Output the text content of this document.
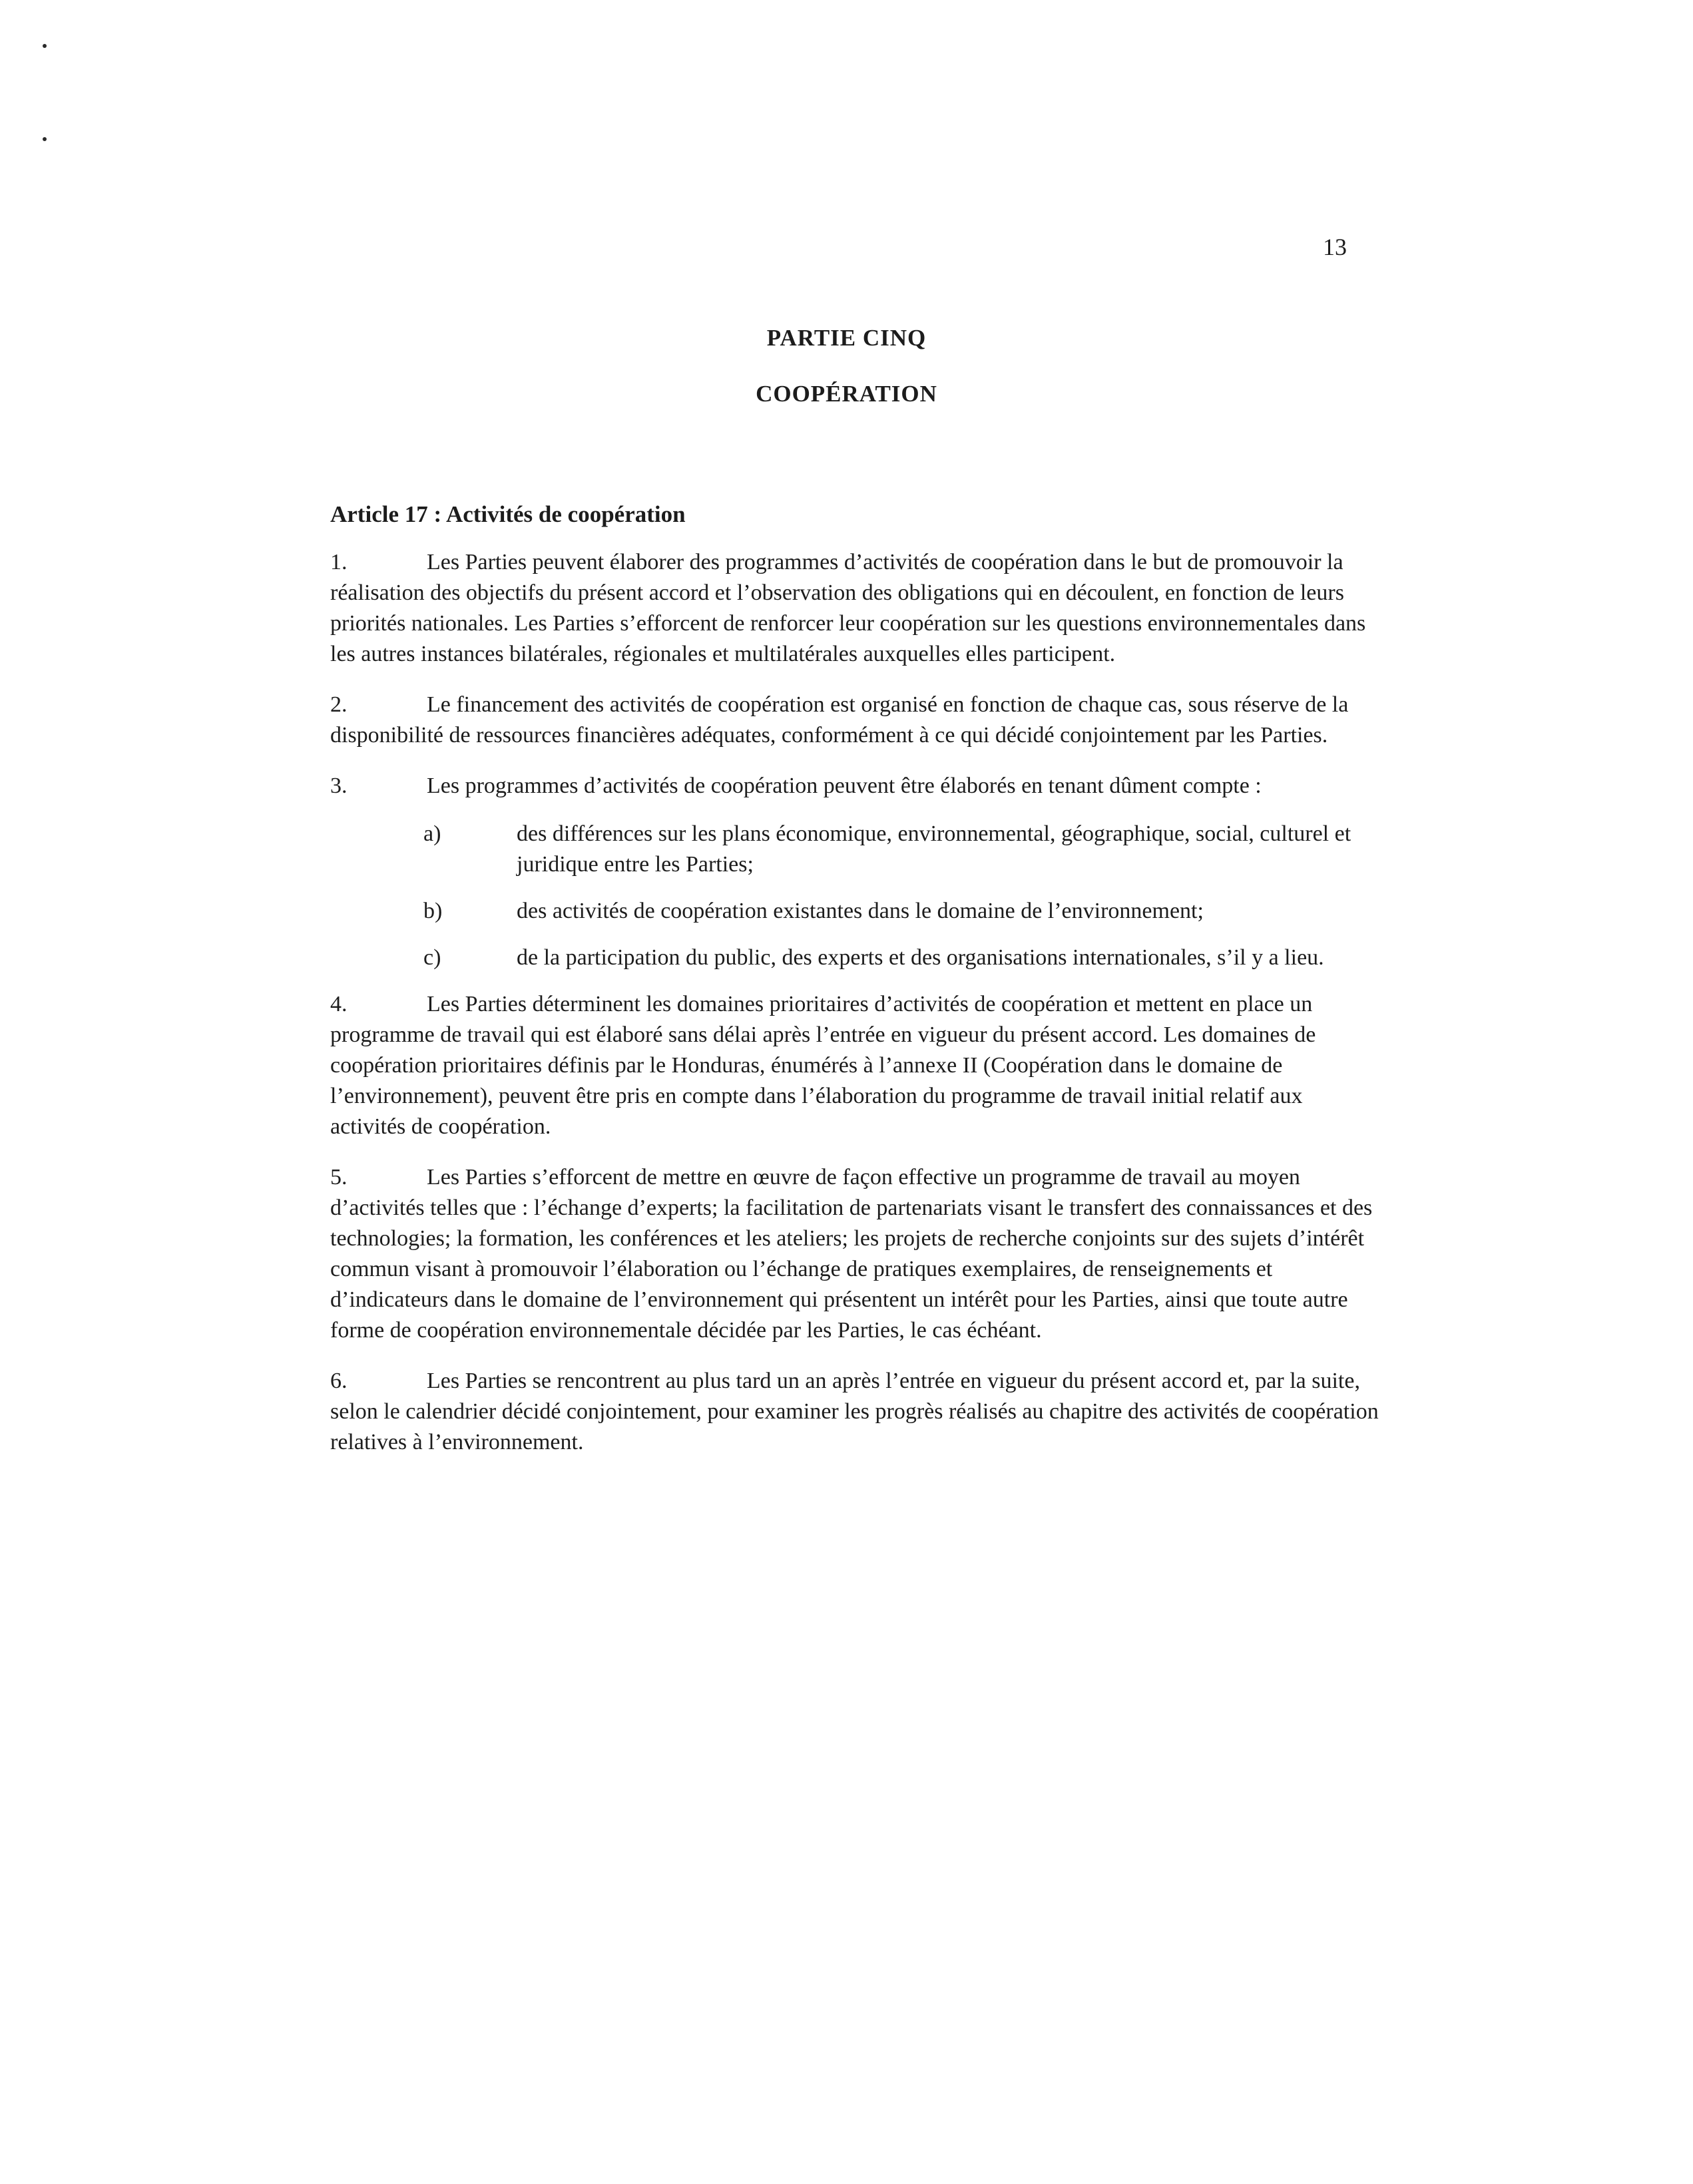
13
PARTIE CINQ
COOPÉRATION
Article 17 : Activités de coopération

1.	Les Parties peuvent élaborer des programmes d’activités de coopération dans le but de promouvoir la réalisation des objectifs du présent accord et l’observation des obligations qui en découlent, en fonction de leurs priorités nationales. Les Parties s’efforcent de renforcer leur coopération sur les questions environnementales dans les autres instances bilatérales, régionales et multilatérales auxquelles elles participent.

2.	Le financement des activités de coopération est organisé en fonction de chaque cas, sous réserve de la disponibilité de ressources financières adéquates, conformément à ce qui décidé conjointement par les Parties.

3.	Les programmes d’activités de coopération peuvent être élaborés en tenant dûment compte :

a)	des différences sur les plans économique, environnemental, géographique, social, culturel et juridique entre les Parties;
b)	des activités de coopération existantes dans le domaine de l’environnement;
c)	de la participation du public, des experts et des organisations internationales, s’il y a lieu.

4.	Les Parties déterminent les domaines prioritaires d’activités de coopération et mettent en place un programme de travail qui est élaboré sans délai après l’entrée en vigueur du présent accord. Les domaines de coopération prioritaires définis par le Honduras, énumérés à l’annexe II (Coopération dans le domaine de l’environnement), peuvent être pris en compte dans l’élaboration du programme de travail initial relatif aux activités de coopération.

5.	Les Parties s’efforcent de mettre en œuvre de façon effective un programme de travail au moyen d’activités telles que : l’échange d’experts; la facilitation de partenariats visant le transfert des connaissances et des technologies; la formation, les conférences et les ateliers; les projets de recherche conjoints sur des sujets d’intérêt commun visant à promouvoir l’élaboration ou l’échange de pratiques exemplaires, de renseignements et d’indicateurs dans le domaine de l’environnement qui présentent un intérêt pour les Parties, ainsi que toute autre forme de coopération environnementale décidée par les Parties, le cas échéant.

6.	Les Parties se rencontrent au plus tard un an après l’entrée en vigueur du présent accord et, par la suite, selon le calendrier décidé conjointement, pour examiner les progrès réalisés au chapitre des activités de coopération relatives à l’environnement.
